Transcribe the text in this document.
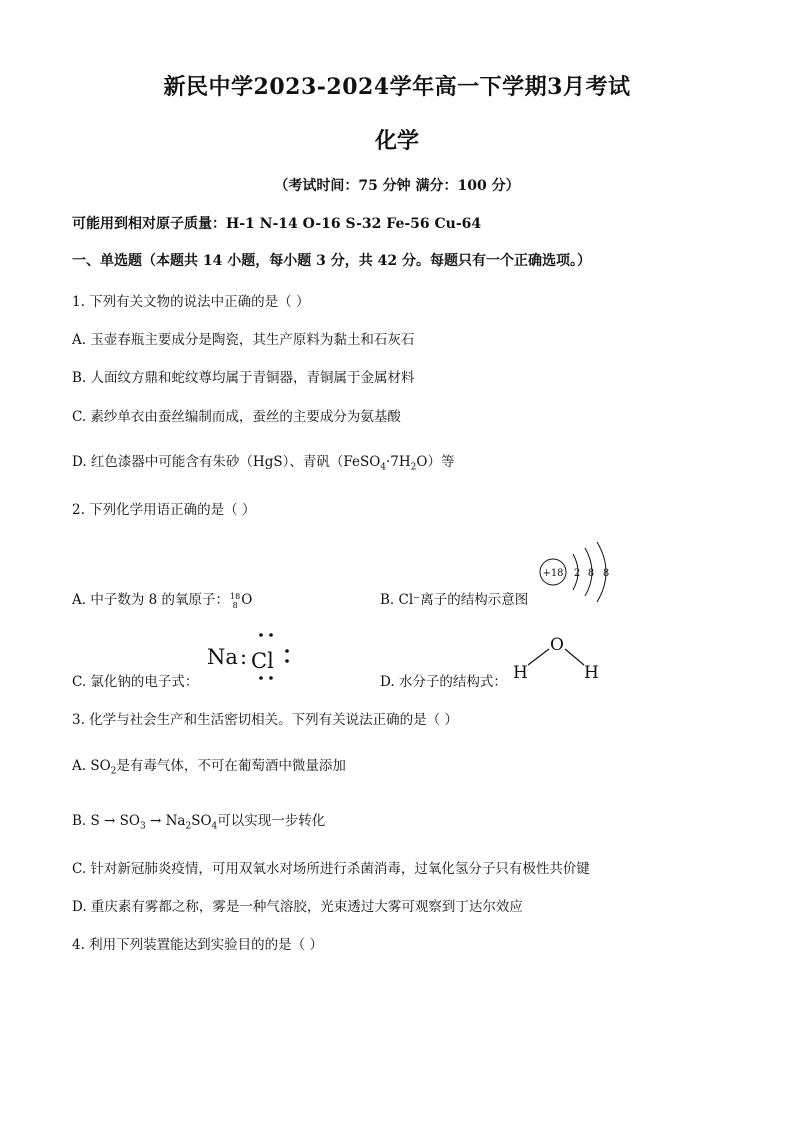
新民中学2023-2024学年高一下学期3月考试
化学
（考试时间：75 分钟 满分：100 分）
可能用到相对原子质量：H-1 N-14 O-16 S-32 Fe-56 Cu-64
一、单选题（本题共 14 小题，每小题 3 分，共 42 分。每题只有一个正确选项。）
1. 下列有关文物的说法中正确的是（ ）
A. 玉壶春瓶主要成分是陶瓷，其生产原料为黏土和石灰石
B. 人面纹方鼎和蛇纹尊均属于青铜器，青铜属于金属材料
C. 素纱单衣由蚕丝编制而成，蚕丝的主要成分为氨基酸
D. 红色漆器中可能含有朱砂（HgS）、青矾$(FeSO_4\cdot 7H_2O)$等
2. 下列化学用语正确的是（ ）
A. 中子数为 8 的氧原子：18
8 O	B. Cl⁻离子的结构示意图
+18 2 8 8
C. 氯化钠的电子式：
Na : Cl
D. 水分子的结构式：
O
H	H
3. 化学与社会生产和生活密切相关。下列有关说法正确的是（ ）
A. $SO_2$是有毒气体，不可在葡萄酒中微量添加
B. $S \to SO_3 \to Na_2SO_4$可以实现一步转化
C. 针对新冠肺炎疫情，可用双氧水对场所进行杀菌消毒，过氧化氢分子只有极性共价键
D. 重庆素有雾都之称，雾是一种气溶胶，光束透过大雾可观察到丁达尔效应
4. 利用下列装置能达到实验目的的是（ ）
